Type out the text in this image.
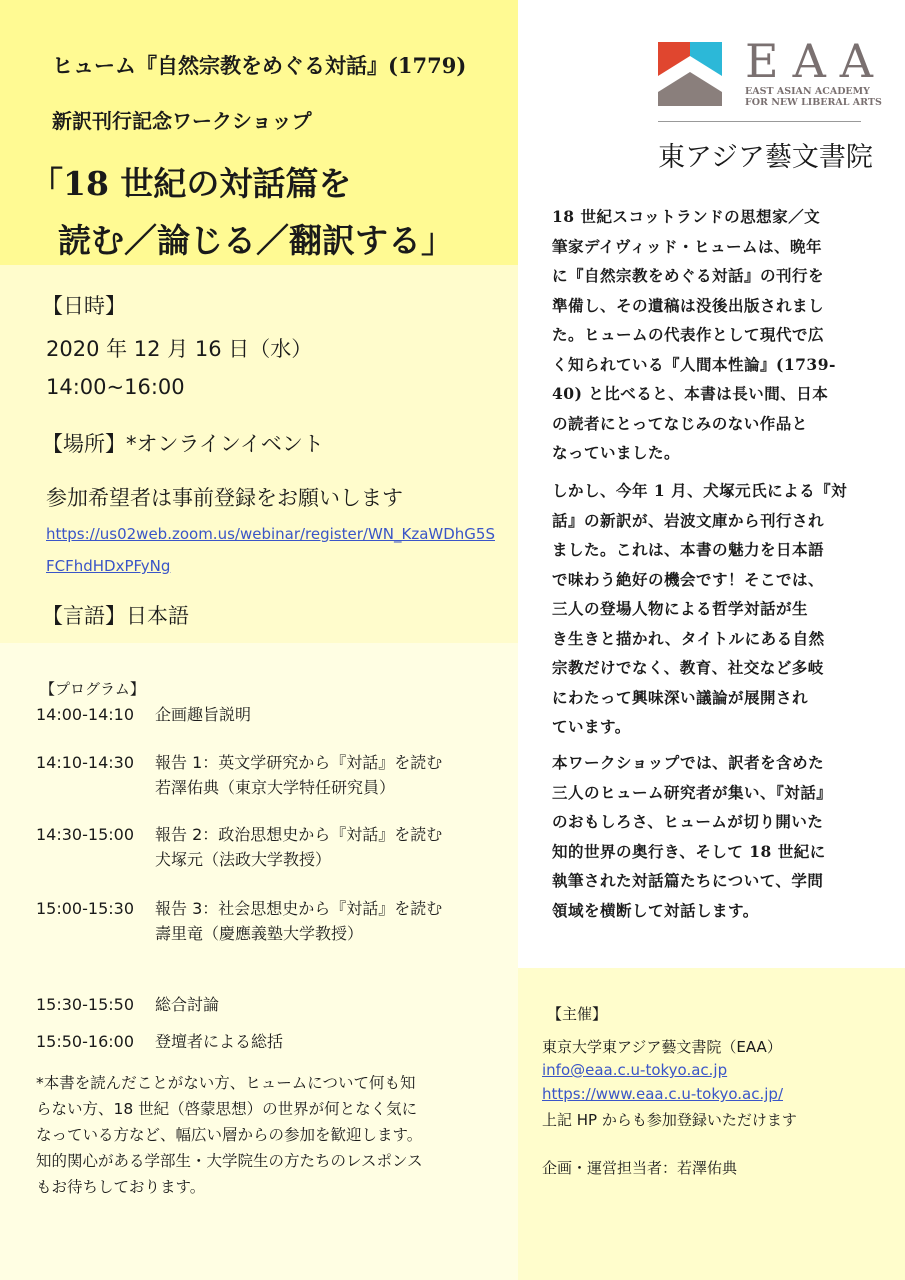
ヒューム『自然宗教をめぐる対話』(1779)

新訳刊行記念ワークショップ

「18 世紀の対話篇を

読む／論じる／翻訳する」

【日時】

2020 年 12 月 16 日（水）

14:00~16:00

【場所】*オンラインイベント

参加希望者は事前登録をお願いします

https://us02web.zoom.us/webinar/register/WN_KzaWDhG5S
FCFhdHDxPFyNg

【言語】日本語

【プログラム】

14:00-14:10 企画趣旨説明
14:10-14:30 報告 1：英文学研究から『対話』を読む
若澤佑典（東京大学特任研究員）
14:30-15:00 報告 2：政治思想史から『対話』を読む
犬塚元（法政大学教授）
15:00-15:30 報告 3：社会思想史から『対話』を読む
壽里竜（慶應義塾大学教授）
15:30-15:50 総合討論
15:50-16:00 登壇者による総括
*本書を読んだことがない方、ヒュームについて何も知
らない方、18 世紀（啓蒙思想）の世界が何となく気に
なっている方など、幅広い層からの参加を歓迎します。
知的関心がある学部生・大学院生の方たちのレスポンス
もお待ちしております。

EAA

EAST ASIAN ACADEMY
FOR NEW LIBERAL ARTS

東アジア藝文書院

18 世紀スコットランドの思想家／文
筆家デイヴィッド・ヒュームは、晩年
に『自然宗教をめぐる対話』の刊行を
準備し、その遺稿は没後出版されまし
た。ヒュームの代表作として現代で広
く知られている『人間本性論』(1739-
40) と比べると、本書は長い間、日本
の読者にとってなじみのない作品と
なっていました。
しかし、今年 1 月、犬塚元氏による『対
話』の新訳が、岩波文庫から刊行され
ました。これは、本書の魅力を日本語
で味わう絶好の機会です！そこでは、
三人の登場人物による哲学対話が生
き生きと描かれ、タイトルにある自然
宗教だけでなく、教育、社交など多岐
にわたって興味深い議論が展開され
ています。
本ワークショップでは、訳者を含めた
三人のヒューム研究者が集い、『対話』
のおもしろさ、ヒュームが切り開いた
知的世界の奥行き、そして 18 世紀に
執筆された対話篇たちについて、学問
領域を横断して対話します。

【主催】

東京大学東アジア藝文書院（EAA）
info@eaa.c.u-tokyo.ac.jp
https://www.eaa.c.u-tokyo.ac.jp/
上記 HP からも参加登録いただけます
企画・運営担当者：若澤佑典
